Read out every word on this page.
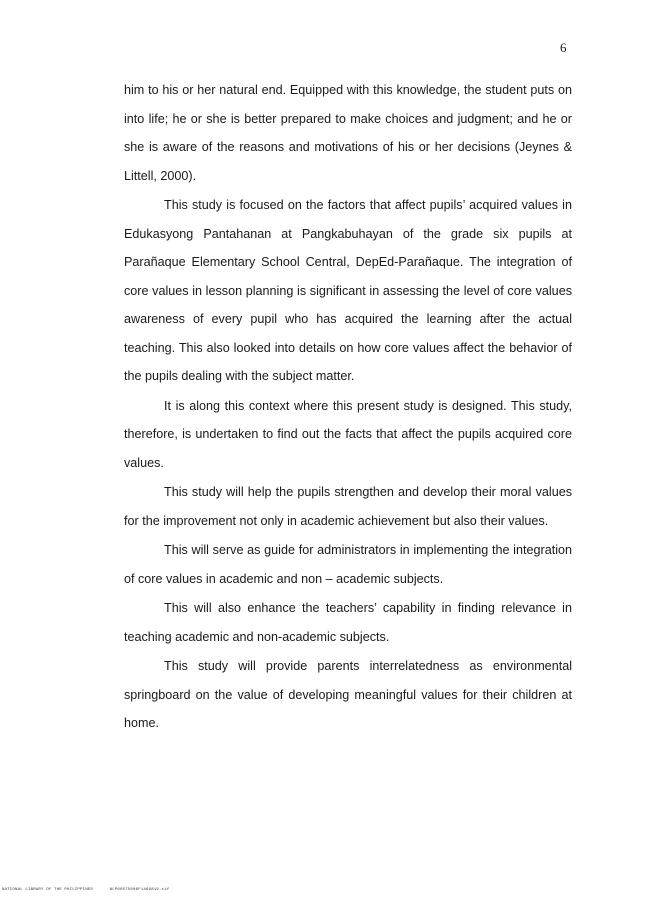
6

him to his or her natural end. Equipped with this knowledge, the student puts on into life; he or she is better prepared to make choices and judgment; and he or she is aware of the reasons and motivations of his or her decisions (Jeynes & Littell, 2000).

This study is focused on the factors that affect pupils’ acquired values in Edukasyong Pantahanan at Pangkabuhayan of the grade six pupils at Parañaque Elementary School Central, DepEd-Parañaque. The integration of core values in lesson planning is significant in assessing the level of core values awareness of every pupil who has acquired the learning after the actual teaching. This also looked into details on how core values affect the behavior of the pupils dealing with the subject matter.

It is along this context where this present study is designed. This study, therefore, is undertaken to find out the facts that affect the pupils acquired core values.

This study will help the pupils strengthen and develop their moral values for the improvement not only in academic achievement but also their values.

This will serve as guide for administrators in implementing the integration of core values in academic and non – academic subjects.

This will also enhance the teachers’ capability in finding relevance in teaching academic and non-academic subjects.

This study will provide parents interrelatedness as environmental springboard on the value of developing meaningful values for their children at home.

NATIONAL LIBRARY OF THE PHILIPPINES	NLP00575006F1469819.tif
